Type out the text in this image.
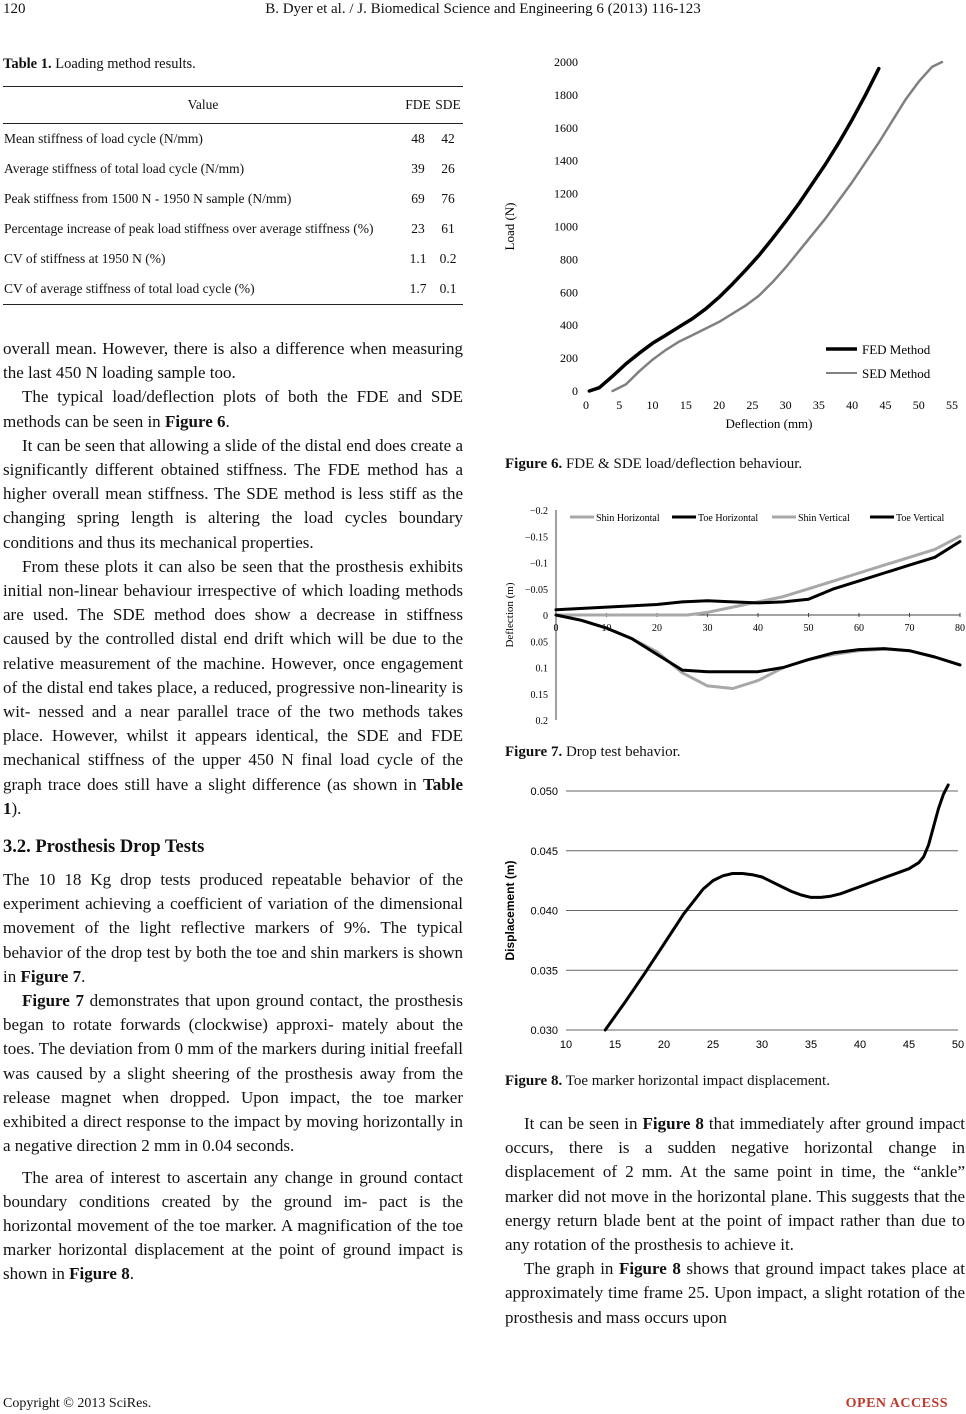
B. Dyer et al. / J. Biomedical Science and Engineering 6 (2013) 116-123
120
Table 1. Loading method results.
Value	FDE	SDE
Mean stiffness of load cycle (N/mm)	48	42
Average stiffness of total load cycle (N/mm)	39	26
Peak stiffness from 1500 N - 1950 N sample (N/mm)	69	76
Percentage increase of peak load stiffness over average stiffness (%)	23	61
CV of stiffness at 1950 N (%)	1.1	0.2
CV of average stiffness of total load cycle (%)	1.7	0.1

overall mean. However, there is also a difference when measuring the last 450 N loading sample too.

The typical load/deflection plots of both the FDE and SDE methods can be seen in Figure 6.

It can be seen that allowing a slide of the distal end does create a significantly different obtained stiffness. The FDE method has a higher overall mean stiffness. The SDE method is less stiff as the changing spring length is altering the load cycles boundary conditions and thus its mechanical properties.

From these plots it can also be seen that the prosthesis exhibits initial non-linear behaviour irrespective of which loading methods are used. The SDE method does show a decrease in stiffness caused by the controlled distal end drift which will be due to the relative measurement of the machine. However, once engagement of the distal end takes place, a reduced, progressive non-linearity is wit- nessed and a near parallel trace of the two methods takes place. However, whilst it appears identical, the SDE and FDE mechanical stiffness of the upper 450 N final load cycle of the graph trace does still have a slight difference (as shown in Table 1).

3.2. Prosthesis Drop Tests

The 10 18 Kg drop tests produced repeatable behavior of the experiment achieving a coefficient of variation of the dimensional movement of the light reflective markers of 9%. The typical behavior of the drop test by both the toe and shin markers is shown in Figure 7.

Figure 7 demonstrates that upon ground contact, the prosthesis began to rotate forwards (clockwise) approxi- mately about the toes. The deviation from 0 mm of the markers during initial freefall was caused by a slight sheering of the prosthesis away from the release magnet when dropped. Upon impact, the toe marker exhibited a direct response to the impact by moving horizontally in a negative direction 2 mm in 0.04 seconds.

The area of interest to ascertain any change in ground contact boundary conditions created by the ground im- pact is the horizontal movement of the toe marker. A magnification of the toe marker horizontal displacement at the point of ground impact is shown in Figure 8.

0
200
400
600
800
1000
1200
1400
1600
1800
2000
0 5 10 15 20 25 30 35 40 45 50 55
Deflection (mm)
Load (N)
FED Method
SED Method
Figure 6. FDE & SDE load/deflection behaviour.
0.2
0.15
0.1
0.05
0
−0.05
−0.1
−0.15
−0.2
0	10	20	30	40	50	60	70	80
Deflection (m)
Shin Horizontal	Toe Horizontal	Shin Vertical	Toe Vertical
Figure 7. Drop test behavior.
0.030
0.035
0.040
0.045
0.050
10	15	20	25	30	35	40	45	50
Displacement (m)
Figure 8. Toe marker horizontal impact displacement.

It can be seen in Figure 8 that immediately after ground impact occurs, there is a sudden negative horizontal change in displacement of 2 mm. At the same point in time, the “ankle” marker did not move in the horizontal plane. This suggests that the energy return blade bent at the point of impact rather than due to any rotation of the prosthesis to achieve it.

The graph in Figure 8 shows that ground impact takes place at approximately time frame 25. Upon impact, a slight rotation of the prosthesis and mass occurs upon

Copyright © 2013 SciRes.	OPEN ACCESS
